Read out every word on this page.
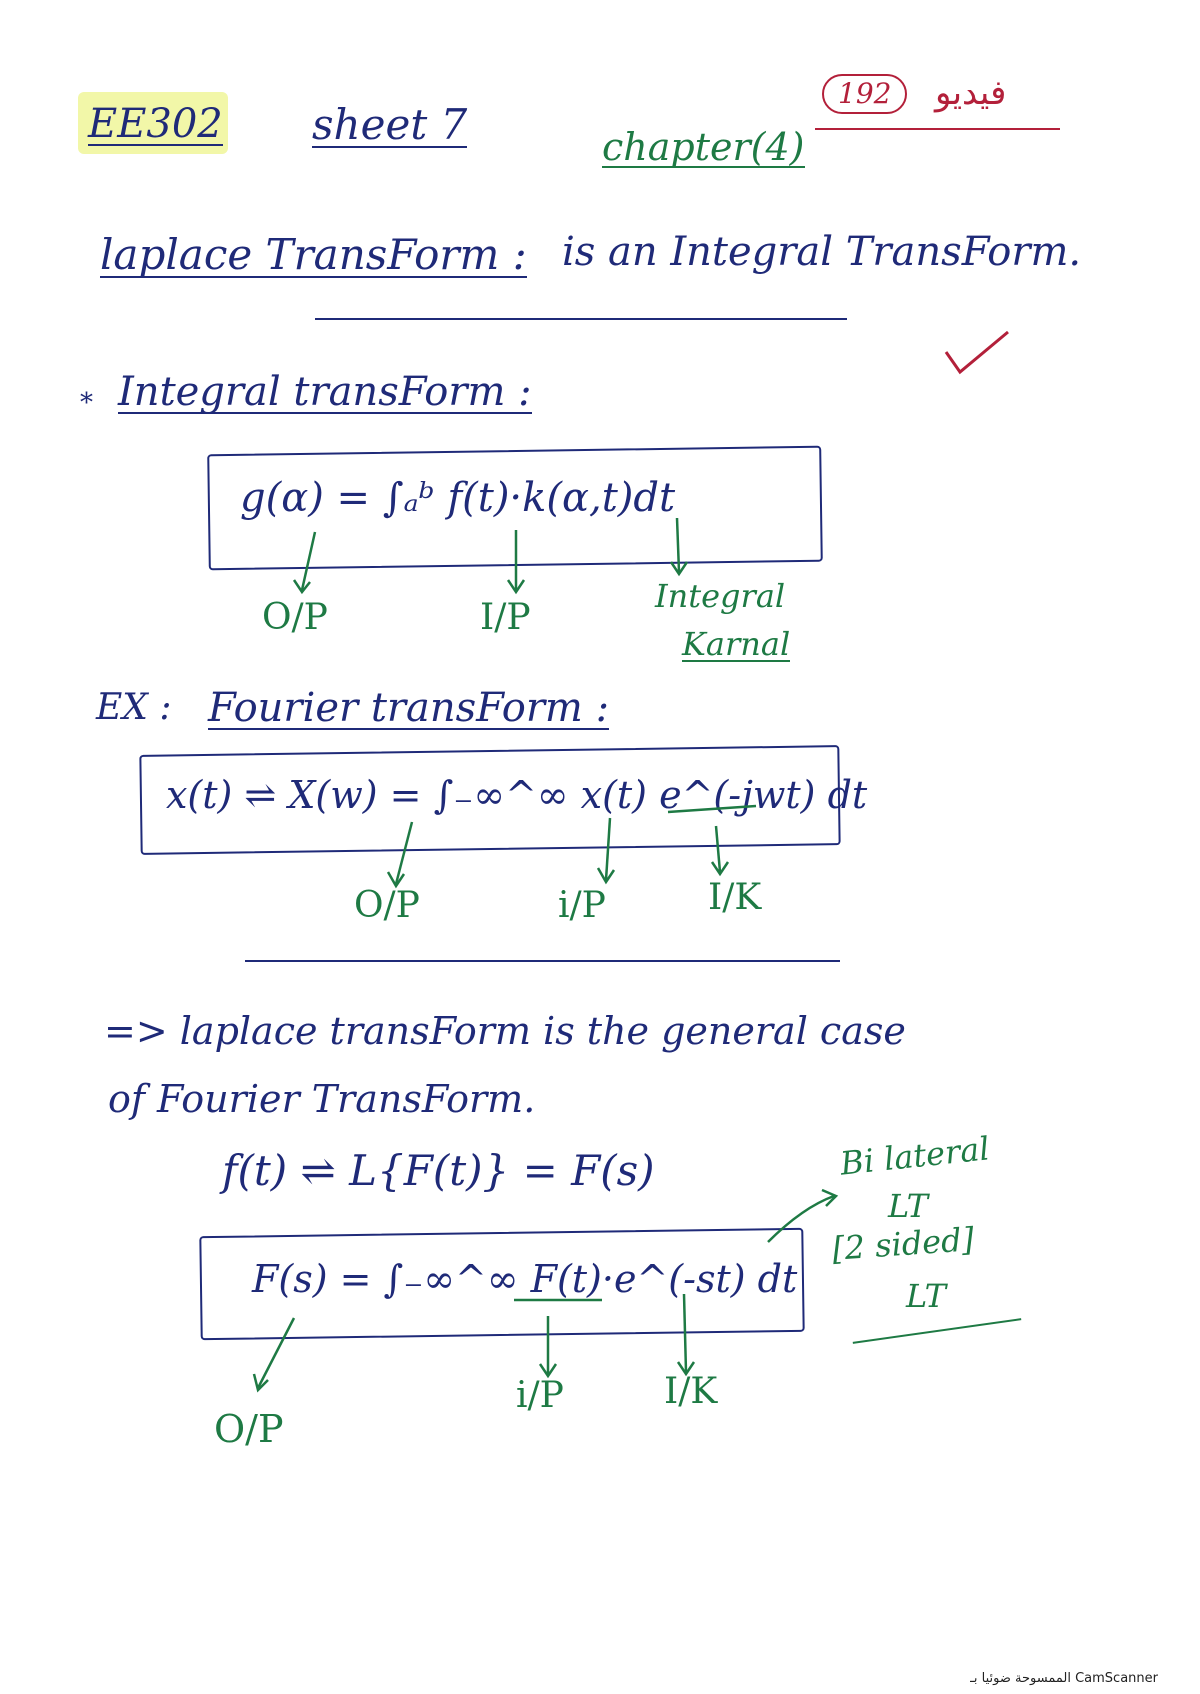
EE302 sheet 7	chapter(4)
192	فيديو
laplace TransForm : is an Integral TransForm.
* Integral transForm :
g(α) = ∫ₐᵇ f(t)·k(α,t)dt
O/P	I/P
Integral
Karnal
EX : Fourier transForm :
x(t) ⇌ X(w) = ∫₋∞^∞ x(t) e^(-jwt) dt
O/P	i/P	I/K
=> laplace transForm is the general case
of Fourier TransForm.
f(t) ⇌ L{F(t)} = F(s)
F(s) = ∫₋∞^∞ F(t)·e^(-st) dt
Bi lateral
LT
[2 sided]
LT
O/P
i/P	I/K
الممسوحة ضوئيا بـ CamScanner
